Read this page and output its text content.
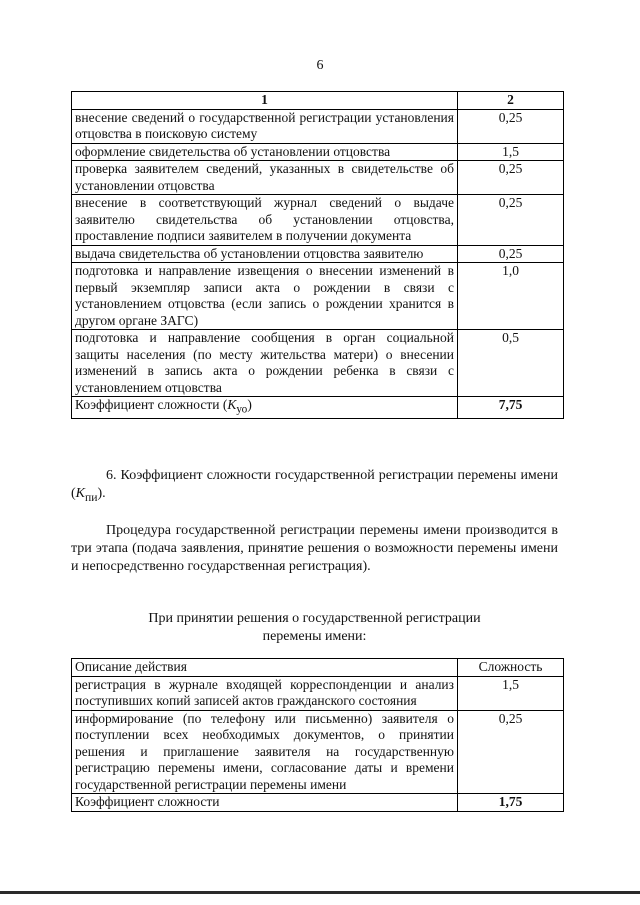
6
1	2
внесение сведений о государственной регистрации установления отцовства в поисковую систему	0,25
оформление свидетельства об установлении отцовства	1,5
проверка заявителем сведений, указанных в свидетельстве об установлении отцовства	0,25
внесение в соответствующий журнал сведений о выдаче заявителю свидетельства об установлении отцовства, проставление подписи заявителем в получении документа	0,25
выдача свидетельства об установлении отцовства заявителю	0,25
подготовка и направление извещения о внесении изменений в первый экземпляр записи акта о рождении в связи с установлением отцовства (если запись о рождении хранится в другом органе ЗАГС)	1,0
подготовка и направление сообщения в орган социальной защиты населения (по месту жительства матери) о внесении изменений в запись акта о рождении ребенка в связи с установлением отцовства	0,5
Коэффициент сложности $(K_{уо})$	7,75
6. Коэффициент сложности государственной регистрации перемены имени $(K_{пи})$.
Процедура государственной регистрации перемены имени производится в три этапа (подача заявления, принятие решения о возможности перемены имени и непосредственно государственная регистрация).
При принятии решения о государственной регистрации
перемены имени:
Описание действия	Сложность
регистрация в журнале входящей корреспонденции и анализ поступивших копий записей актов гражданского состояния	1,5
информирование (по телефону или письменно) заявителя о поступлении всех необходимых документов, о принятии решения и приглашение заявителя на государственную регистрацию перемены имени, согласование даты и времени государственной регистрации перемены имени	0,25
Коэффициент сложности	1,75
